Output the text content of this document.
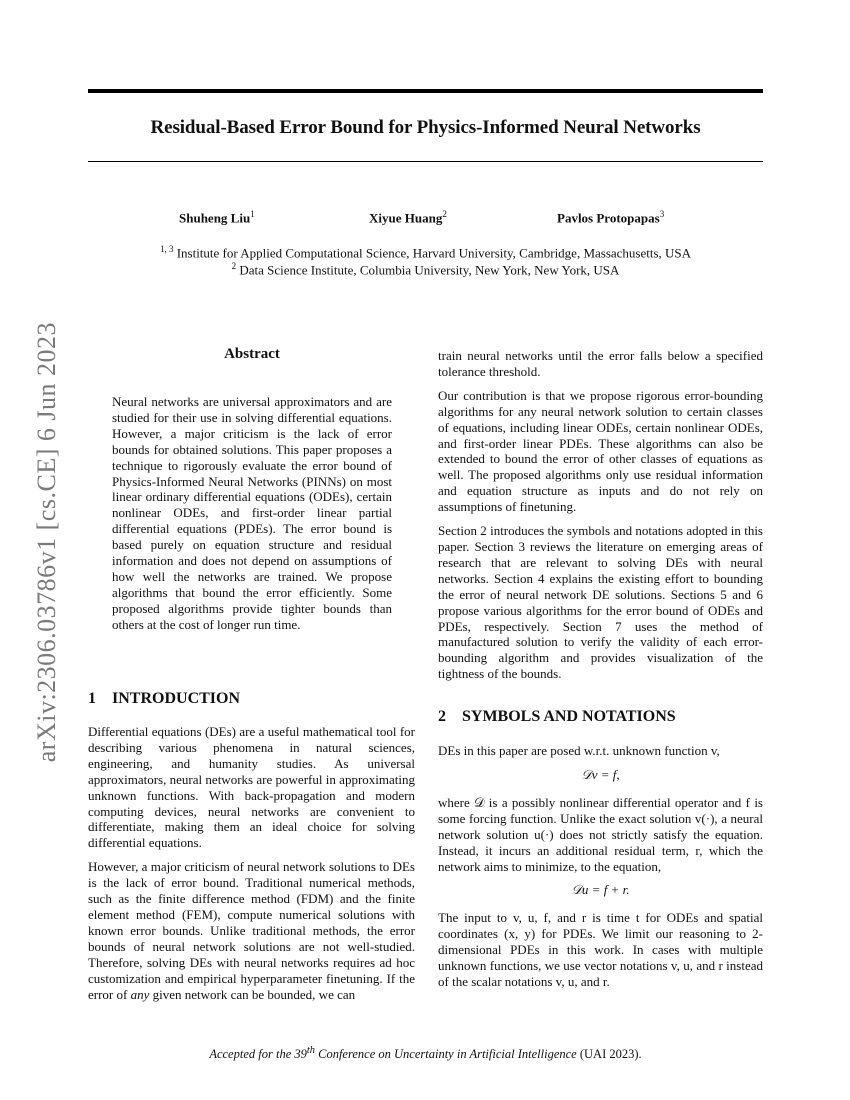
Residual-Based Error Bound for Physics-Informed Neural Networks
Shuheng Liu$^1$	Xiyue Huang$^2$	Pavlos Protopapas$^3$
$^{1, 3}$ Institute for Applied Computational Science, Harvard University, Cambridge, Massachusetts, USA
$^2$ Data Science Institute, Columbia University, New York, New York, USA
arXiv:2306.03786v1 [cs.CE] 6 Jun 2023	Abstract

Neural networks are universal approximators and are studied for their use in solving differential equations. However, a major criticism is the lack of error bounds for obtained solutions. This paper proposes a technique to rigorously evaluate the error bound of Physics-Informed Neural Networks (PINNs) on most linear ordinary differential equations (ODEs), certain nonlinear ODEs, and first-order linear partial differential equations (PDEs). The error bound is based purely on equation structure and residual information and does not depend on assumptions of how well the networks are trained. We propose algorithms that bound the error efficiently. Some proposed algorithms provide tighter bounds than others at the cost of longer run time.

1 INTRODUCTION

Differential equations (DEs) are a useful mathematical tool for describing various phenomena in natural sciences, engineering, and humanity studies. As universal approximators, neural networks are powerful in approximating unknown functions. With back-propagation and modern computing devices, neural networks are convenient to differentiate, making them an ideal choice for solving differential equations.

However, a major criticism of neural network solutions to DEs is the lack of error bound. Traditional numerical methods, such as the finite difference method (FDM) and the finite element method (FEM), compute numerical solutions with known error bounds. Unlike traditional methods, the error bounds of neural network solutions are not well-studied. Therefore, solving DEs with neural networks requires ad hoc customization and empirical hyperparameter finetuning. If the error of any given network can be bounded, we can

train neural networks until the error falls below a specified tolerance threshold.

Our contribution is that we propose rigorous error-bounding algorithms for any neural network solution to certain classes of equations, including linear ODEs, certain nonlinear ODEs, and first-order linear PDEs. These algorithms can also be extended to bound the error of other classes of equations as well. The proposed algorithms only use residual information and equation structure as inputs and do not rely on assumptions of finetuning.

Section 2 introduces the symbols and notations adopted in this paper. Section 3 reviews the literature on emerging areas of research that are relevant to solving DEs with neural networks. Section 4 explains the existing effort to bounding the error of neural network DE solutions. Sections 5 and 6 propose various algorithms for the error bound of ODEs and PDEs, respectively. Section 7 uses the method of manufactured solution to verify the validity of each error-bounding algorithm and provides visualization of the tightness of the bounds.

2 SYMBOLS AND NOTATIONS

DEs in this paper are posed w.r.t. unknown function v,

𝒟v = f,

where 𝒟 is a possibly nonlinear differential operator and f is some forcing function. Unlike the exact solution v(·), a neural network solution u(·) does not strictly satisfy the equation. Instead, it incurs an additional residual term, r, which the network aims to minimize, to the equation,

𝒟u = f + r.

The input to v, u, f, and r is time t for ODEs and spatial coordinates (x, y) for PDEs. We limit our reasoning to 2-dimensional PDEs in this work. In cases with multiple unknown functions, we use vector notations v, u, and r instead of the scalar notations v, u, and r.

Accepted for the 39th Conference on Uncertainty in Artificial Intelligence (UAI 2023).
